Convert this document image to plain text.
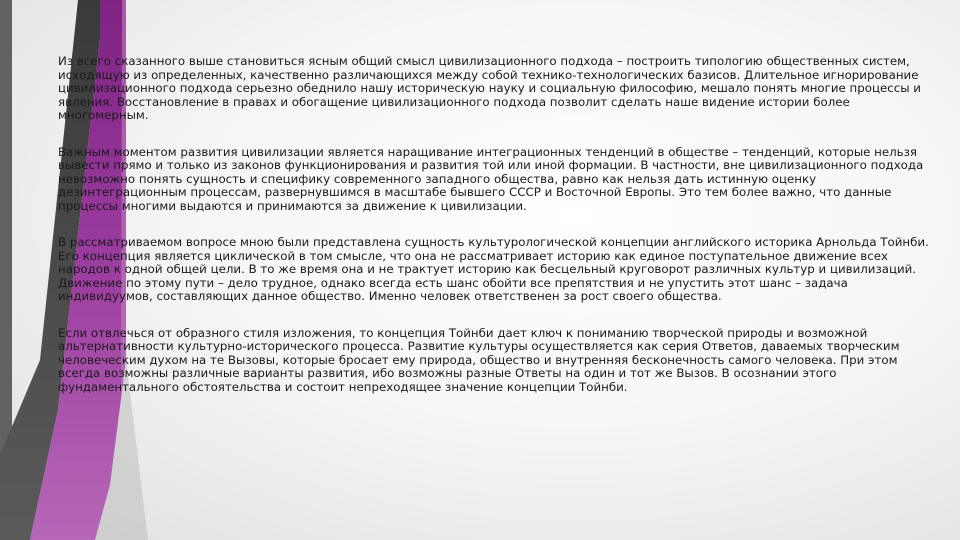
Из всего сказанного выше становиться ясным общий смысл цивилизационного подхода – построить типологию общественных систем, исходящую из определенных, качественно различающихся между собой технико-технологических базисов. Длительное игнорирование цивилизационного подхода серьезно обеднило нашу историческую науку и социальную философию, мешало понять многие процессы и явления. Восстановление в правах и обогащение цивилизационного подхода позволит сделать наше видение истории более многомерным.

Важным моментом развития цивилизации является наращивание интеграционных тенденций в обществе – тенденций, которые нельзя вывести прямо и только из законов функционирования и развития той или иной формации. В частности, вне цивилизационного подхода невозможно понять сущность и специфику современного западного общества, равно как нельзя дать истинную оценку дезинтеграционным процессам, развернувшимся в масштабе бывшего СССР и Восточной Европы. Это тем более важно, что данные процессы многими выдаются и принимаются за движение к цивилизации.

В рассматриваемом вопросе мною были представлена сущность культурологической концепции английского историка Арнольда Тойнби. Его концепция является циклической в том смысле, что она не рассматривает историю как единое поступательное движение всех народов к одной общей цели. В то же время она и не трактует историю как бесцельный круговорот различных культур и цивилизаций. Движение по этому пути – дело трудное, однако всегда есть шанс обойти все препятствия и не упустить этот шанс – задача индивидуумов, составляющих данное общество. Именно человек ответственен за рост своего общества.

Если отвлечься от образного стиля изложения, то концепция Тойнби дает ключ к пониманию творческой природы и возможной альтернативности культурно-исторического процесса. Развитие культуры осуществляется как серия Ответов, даваемых творческим человеческим духом на те Вызовы, которые бросает ему природа, общество и внутренняя бесконечность самого человека. При этом всегда возможны различные варианты развития, ибо возможны разные Ответы на один и тот же Вызов. В осознании этого фундаментального обстоятельства и состоит непреходящее значение концепции Тойнби.
